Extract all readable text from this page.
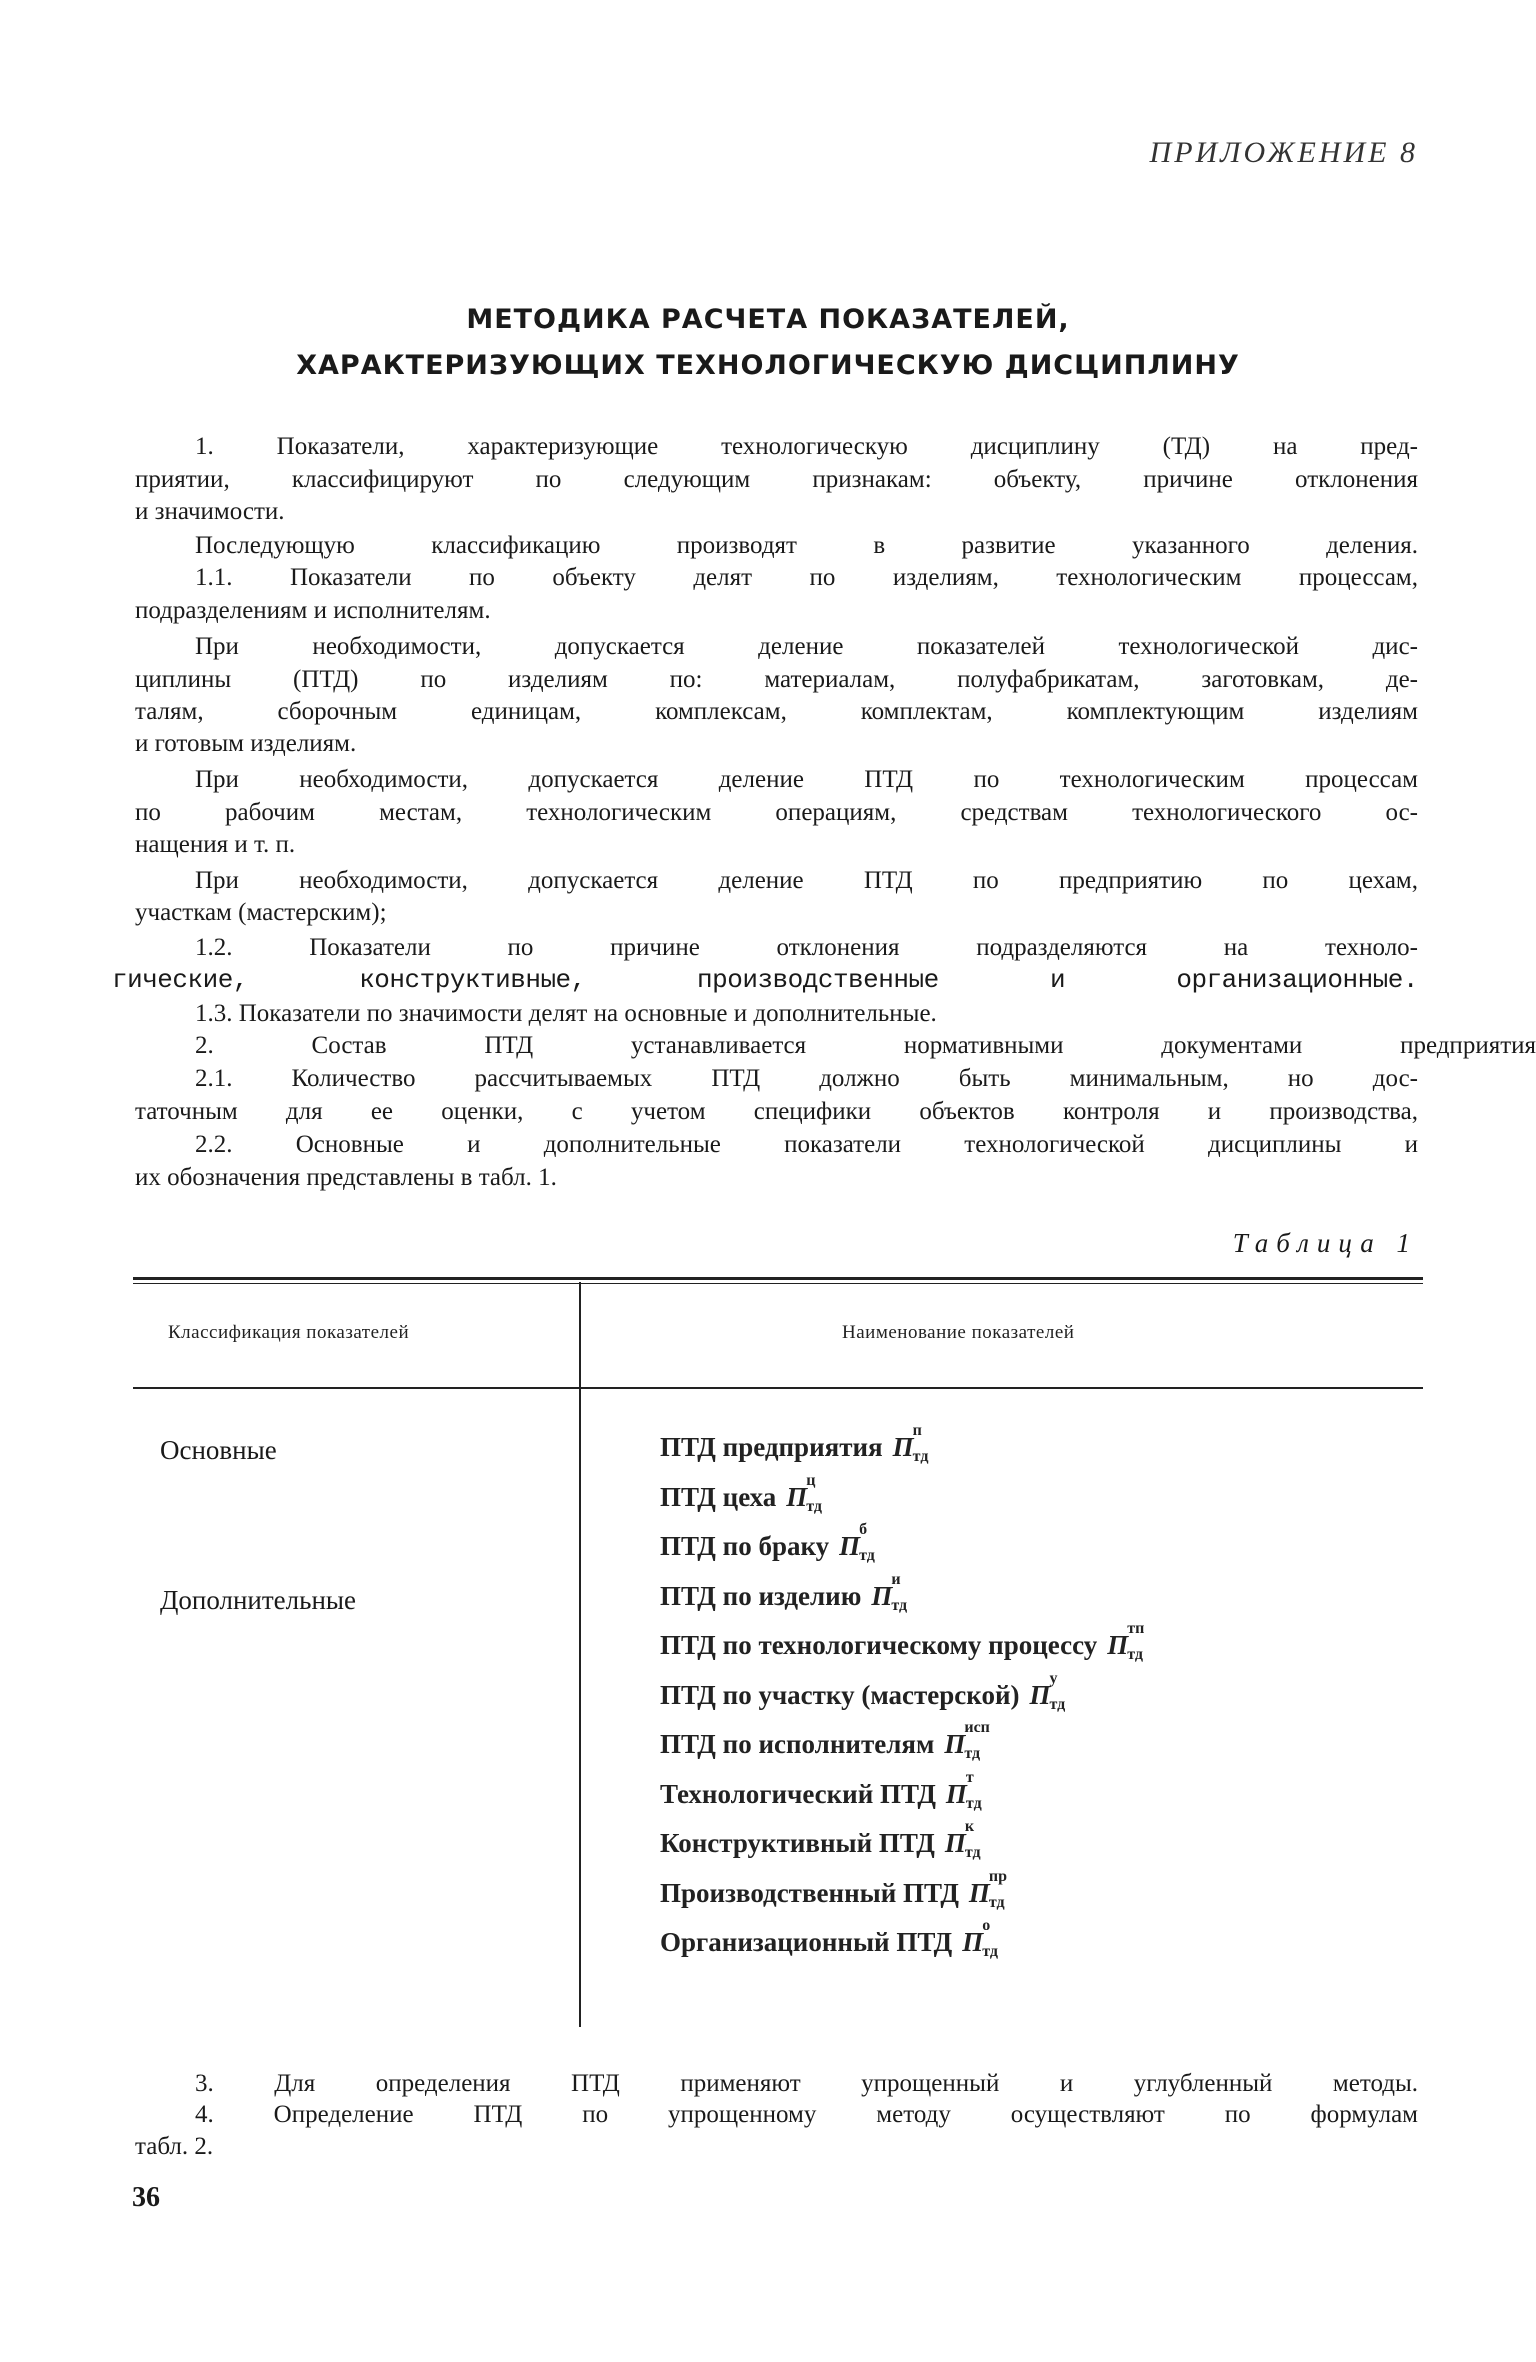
ПРИЛОЖЕНИЕ 8
МЕТОДИКА РАСЧЕТА ПОКАЗАТЕЛЕЙ,
ХАРАКТЕРИЗУЮЩИХ ТЕХНОЛОГИЧЕСКУЮ ДИСЦИПЛИНУ
1. Показатели, характеризующие технологическую дисциплину (ТД) на пред-
приятии, классифицируют по следующим признакам: объекту, причине отклонения
и значимости.
Последующую классификацию производят в развитие указанного деления.
1.1. Показатели по объекту делят по изделиям, технологическим процессам,
подразделениям и исполнителям.
При необходимости, допускается деление показателей технологической дис-
циплины (ПТД) по изделиям по: материалам, полуфабрикатам, заготовкам, де-
талям, сборочным единицам, комплексам, комплектам, комплектующим изделиям
и готовым изделиям.
При необходимости, допускается деление ПТД по технологическим процессам
по рабочим местам, технологическим операциям, средствам технологического ос-
нащения и т. п.
При необходимости, допускается деление ПТД по предприятию по цехам,
участкам (мастерским);
1.2. Показатели по причине отклонения подразделяются на техноло-
гические, конструктивные, производственные и организационные.
1.3. Показатели по значимости делят на основные и дополнительные.
2. Состав ПТД устанавливается нормативными документами предприятия
2.1. Количество рассчитываемых ПТД должно быть минимальным, но дос-
таточным для ее оценки, с учетом специфики объектов контроля и производства,
2.2. Основные и дополнительные показатели технологической дисциплины и
их обозначения представлены в табл. 1.
Таблица 1
Классификация показателей	Наименование показателей
Основные
Дополнительные
ПТД предприятия П
п
тд
ПТД цеха П
ц
тд
ПТД по браку П
б
тд
ПТД по изделию П
и
тд
ПТД по технологическому процессу П
тп
тд
ПТД по участку (мастерской) П
у
тд
ПТД по исполнителям П
исп
тд
Технологический ПТД П
т
тд
Конструктивный ПТД П
к
тд
Производственный ПТД П
пр
тд
Организационный ПТД П
о
тд
3. Для определения ПТД применяют упрощенный и углубленный методы.
4. Определение ПТД по упрощенному методу осуществляют по формулам
табл. 2.
36
